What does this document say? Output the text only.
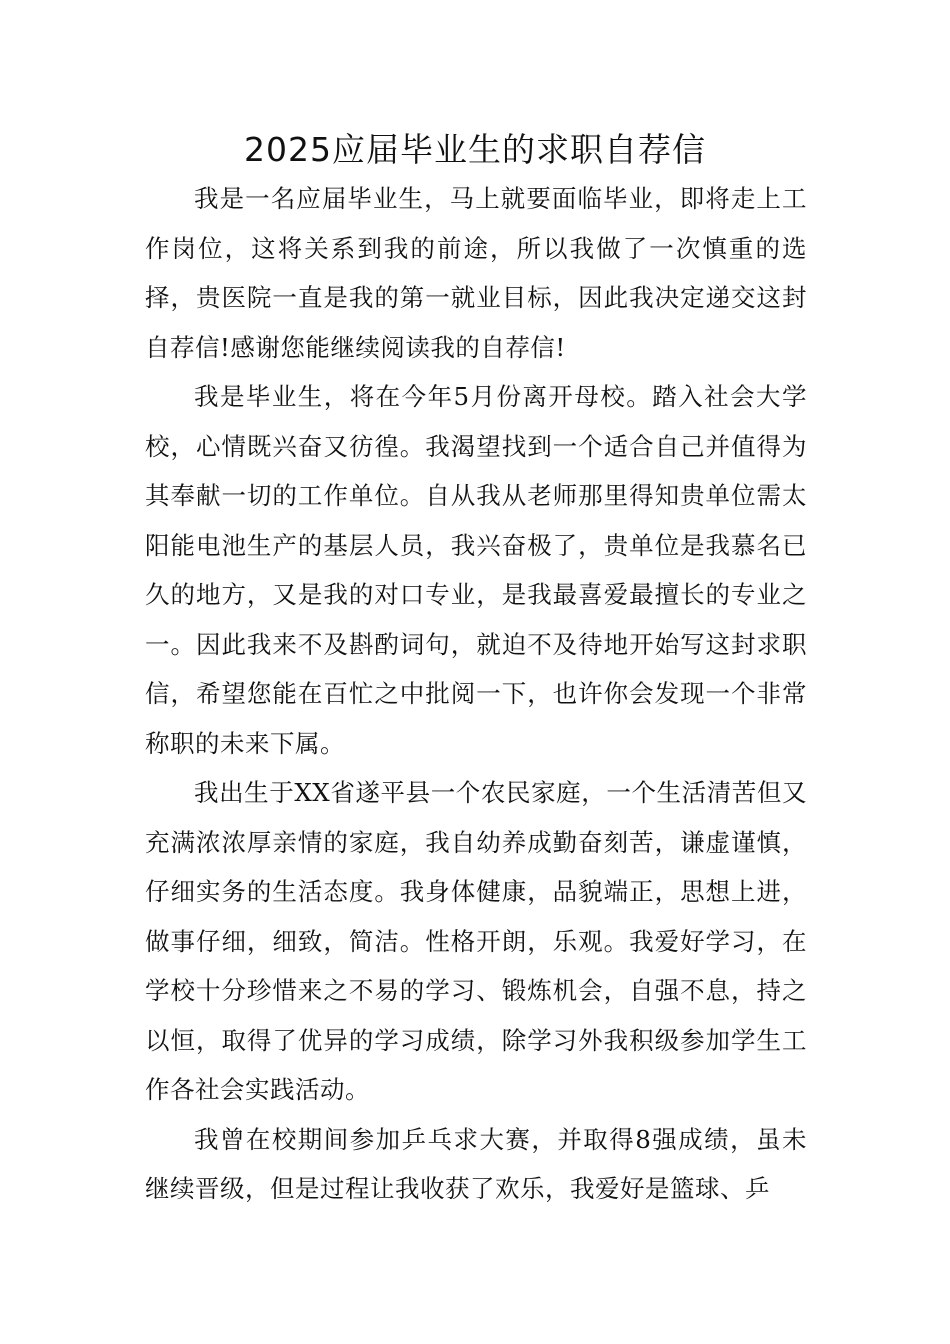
2025应届毕业生的求职自荐信

我是一名应届毕业生，马上就要面临毕业，即将走上工作岗位，这将关系到我的前途，所以我做了一次慎重的选择，贵医院一直是我的第一就业目标，因此我决定递交这封自荐信!感谢您能继续阅读我的自荐信!

我是毕业生，将在今年5月份离开母校。踏入社会大学校，心情既兴奋又彷徨。我渴望找到一个适合自己并值得为其奉献一切的工作单位。自从我从老师那里得知贵单位需太阳能电池生产的基层人员，我兴奋极了，贵单位是我慕名已久的地方，又是我的对口专业，是我最喜爱最擅长的专业之一。因此我来不及斟酌词句，就迫不及待地开始写这封求职信，希望您能在百忙之中批阅一下，也许你会发现一个非常称职的未来下属。

我出生于XX省遂平县一个农民家庭，一个生活清苦但又充满浓浓厚亲情的家庭，我自幼养成勤奋刻苦，谦虚谨慎，仔细实务的生活态度。我身体健康，品貌端正，思想上进，做事仔细，细致，简洁。性格开朗，乐观。我爱好学习，在学校十分珍惜来之不易的学习、锻炼机会，自强不息，持之以恒，取得了优异的学习成绩，除学习外我积级参加学生工作各社会实践活动。

我曾在校期间参加乒乓求大赛，并取得8强成绩，虽未继续晋级，但是过程让我收获了欢乐，我爱好是篮球、乒
